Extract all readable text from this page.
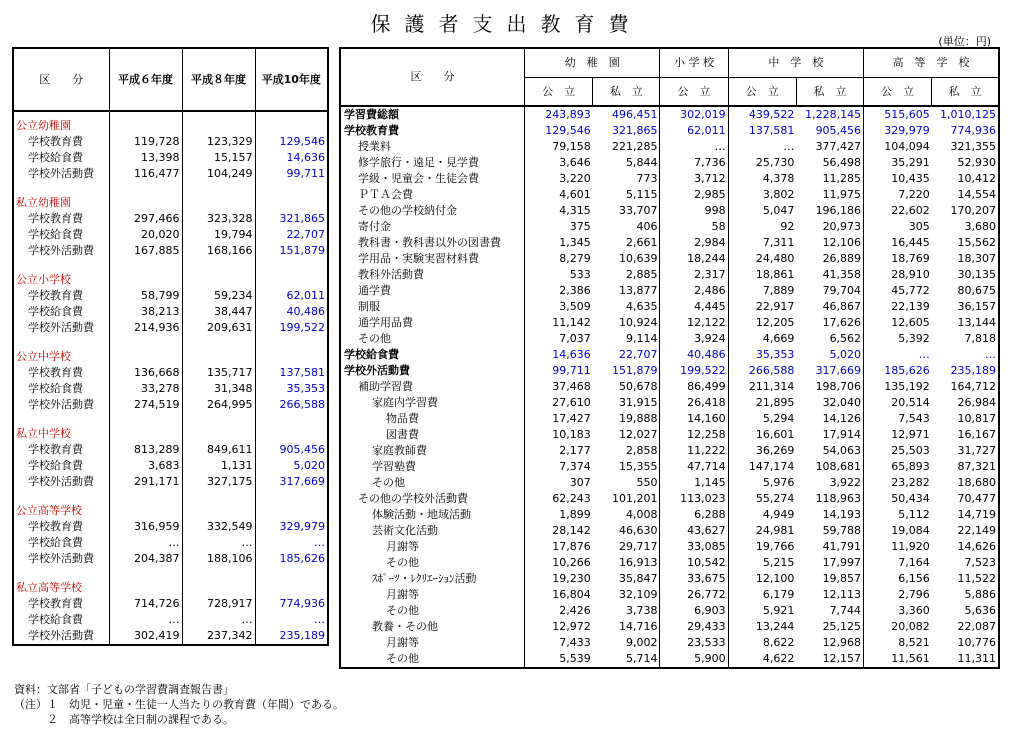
保護者支出教育費
(単位：円)
区　　分	平成６年度	平成８年度	平成10年度

公立幼稚園			
学校教育費	119,728	123,329	129,546
学校給食費	13,398	15,157	14,636
学校外活動費	116,477	104,249	99,711

私立幼稚園			
学校教育費	297,466	323,328	321,865
学校給食費	20,020	19,794	22,707
学校外活動費	167,885	168,166	151,879

公立小学校			
学校教育費	58,799	59,234	62,011
学校給食費	38,213	38,447	40,486
学校外活動費	214,936	209,631	199,522

公立中学校			
学校教育費	136,668	135,717	137,581
学校給食費	33,278	31,348	35,353
学校外活動費	274,519	264,995	266,588

私立中学校			
学校教育費	813,289	849,611	905,456
学校給食費	3,683	1,131	5,020
学校外活動費	291,171	327,175	317,669

公立高等学校			
学校教育費	316,959	332,549	329,979
学校給食費	…	…	…
学校外活動費	204,387	188,106	185,626

私立高等学校			
学校教育費	714,726	728,917	774,936
学校給食費	…	…	…
学校外活動費	302,419	237,342	235,189
区　　分	幼　稚　園		小 学 校	中　学　校		高　等　学　校	
	公　立	私　立	公　立	公　立	私　立	公　立	私　立
学習費総額	243,893	496,451	302,019	439,522	1,228,145	515,605	1,010,125
学校教育費	129,546	321,865	62,011	137,581	905,456	329,979	774,936
授業料	79,158	221,285	…	…	377,427	104,094	321,355
修学旅行・遠足・見学費	3,646	5,844	7,736	25,730	56,498	35,291	52,930
学級・児童会・生徒会費	3,220	773	3,712	4,378	11,285	10,435	10,412
ＰＴＡ会費	4,601	5,115	2,985	3,802	11,975	7,220	14,554
その他の学校納付金	4,315	33,707	998	5,047	196,186	22,602	170,207
寄付金	375	406	58	92	20,973	305	3,680
教科書・教科書以外の図書費	1,345	2,661	2,984	7,311	12,106	16,445	15,562
学用品・実験実習材料費	8,279	10,639	18,244	24,480	26,889	18,769	18,307
教科外活動費	533	2,885	2,317	18,861	41,358	28,910	30,135
通学費	2,386	13,877	2,486	7,889	79,704	45,772	80,675
制服	3,509	4,635	4,445	22,917	46,867	22,139	36,157
通学用品費	11,142	10,924	12,122	12,205	17,626	12,605	13,144
その他	7,037	9,114	3,924	4,669	6,562	5,392	7,818
学校給食費	14,636	22,707	40,486	35,353	5,020	…	…
学校外活動費	99,711	151,879	199,522	266,588	317,669	185,626	235,189
補助学習費	37,468	50,678	86,499	211,314	198,706	135,192	164,712
家庭内学習費	27,610	31,915	26,418	21,895	32,040	20,514	26,984
物品費	17,427	19,888	14,160	5,294	14,126	7,543	10,817
図書費	10,183	12,027	12,258	16,601	17,914	12,971	16,167
家庭教師費	2,177	2,858	11,222	36,269	54,063	25,503	31,727
学習塾費	7,374	15,355	47,714	147,174	108,681	65,893	87,321
その他	307	550	1,145	5,976	3,922	23,282	18,680
その他の学校外活動費	62,243	101,201	113,023	55,274	118,963	50,434	70,477
体験活動・地域活動	1,899	4,008	6,288	4,949	14,193	5,112	14,719
芸術文化活動	28,142	46,630	43,627	24,981	59,788	19,084	22,149
月謝等	17,876	29,717	33,085	19,766	41,791	11,920	14,626
その他	10,266	16,913	10,542	5,215	17,997	7,164	7,523
ｽﾎﾟｰﾂ・ﾚｸﾘｴｰｼｮﾝ活動	19,230	35,847	33,675	12,100	19,857	6,156	11,522
月謝等	16,804	32,109	26,772	6,179	12,113	2,796	5,886
その他	2,426	3,738	6,903	5,921	7,744	3,360	5,636
教養・その他	12,972	14,716	29,433	13,244	25,125	20,082	22,087
月謝等	7,433	9,002	23,533	8,622	12,968	8,521	10,776
その他	5,539	5,714	5,900	4,622	12,157	11,561	11,311
資料：文部省「子どもの学習費調査報告書」
（注）１　幼児・児童・生徒一人当たりの教育費（年間）である。
　　　２　高等学校は全日制の課程である。
